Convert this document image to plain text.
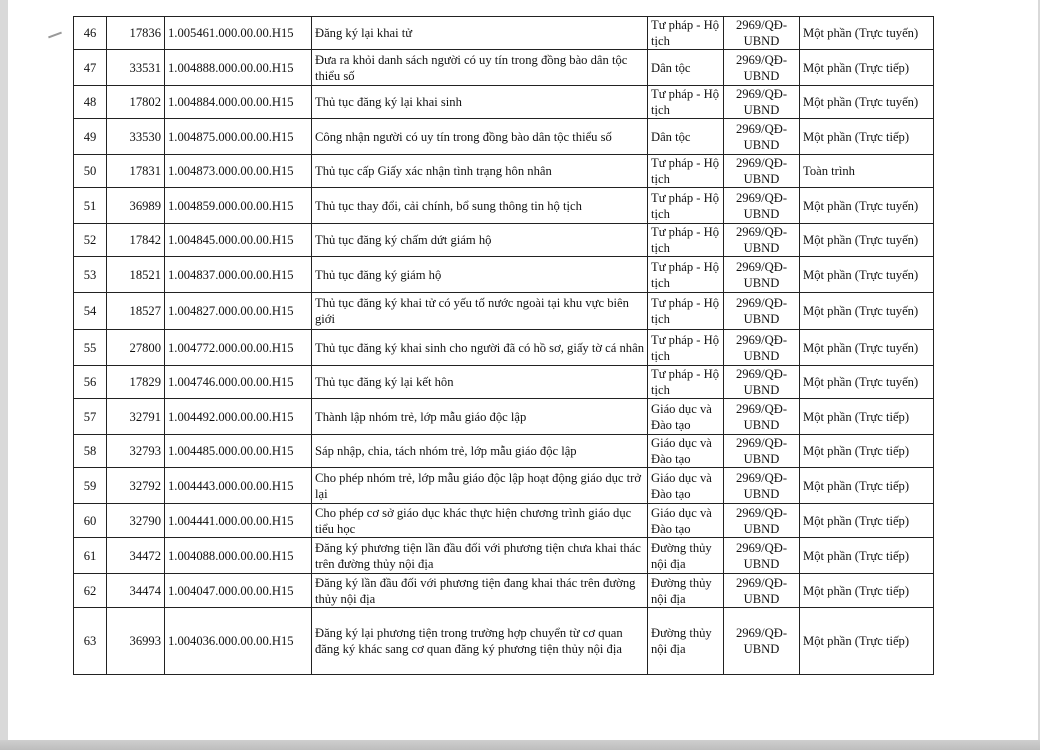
46	17836	1.005461.000.00.00.H15	Đăng ký lại khai tử	Tư pháp - Hộ tịch	2969/QĐ-UBND	Một phần (Trực tuyến)
47	33531	1.004888.000.00.00.H15	Đưa ra khỏi danh sách người có uy tín trong đồng bào dân tộc thiểu số	Dân tộc	2969/QĐ-UBND	Một phần (Trực tiếp)
48	17802	1.004884.000.00.00.H15	Thủ tục đăng ký lại khai sinh	Tư pháp - Hộ tịch	2969/QĐ-UBND	Một phần (Trực tuyến)
49	33530	1.004875.000.00.00.H15	Công nhận người có uy tín trong đồng bào dân tộc thiểu số	Dân tộc	2969/QĐ-UBND	Một phần (Trực tiếp)
50	17831	1.004873.000.00.00.H15	Thủ tục cấp Giấy xác nhận tình trạng hôn nhân	Tư pháp - Hộ tịch	2969/QĐ-UBND	Toàn trình
51	36989	1.004859.000.00.00.H15	Thủ tục thay đổi, cải chính, bổ sung thông tin hộ tịch	Tư pháp - Hộ tịch	2969/QĐ-UBND	Một phần (Trực tuyến)
52	17842	1.004845.000.00.00.H15	Thủ tục đăng ký chấm dứt giám hộ	Tư pháp - Hộ tịch	2969/QĐ-UBND	Một phần (Trực tuyến)
53	18521	1.004837.000.00.00.H15	Thủ tục đăng ký giám hộ	Tư pháp - Hộ tịch	2969/QĐ-UBND	Một phần (Trực tuyến)
54	18527	1.004827.000.00.00.H15	Thủ tục đăng ký khai tử có yếu tố nước ngoài tại khu vực biên giới	Tư pháp - Hộ tịch	2969/QĐ-UBND	Một phần (Trực tuyến)
55	27800	1.004772.000.00.00.H15	Thủ tục đăng ký khai sinh cho người đã có hồ sơ, giấy tờ cá nhân	Tư pháp - Hộ tịch	2969/QĐ-UBND	Một phần (Trực tuyến)
56	17829	1.004746.000.00.00.H15	Thủ tục đăng ký lại kết hôn	Tư pháp - Hộ tịch	2969/QĐ-UBND	Một phần (Trực tuyến)
57	32791	1.004492.000.00.00.H15	Thành lập nhóm trẻ, lớp mẫu giáo độc lập	Giáo dục và Đào tạo	2969/QĐ-UBND	Một phần (Trực tiếp)
58	32793	1.004485.000.00.00.H15	Sáp nhập, chia, tách nhóm trẻ, lớp mẫu giáo độc lập	Giáo dục và Đào tạo	2969/QĐ-UBND	Một phần (Trực tiếp)
59	32792	1.004443.000.00.00.H15	Cho phép nhóm trẻ, lớp mẫu giáo độc lập hoạt động giáo dục trở lại	Giáo dục và Đào tạo	2969/QĐ-UBND	Một phần (Trực tiếp)
60	32790	1.004441.000.00.00.H15	Cho phép cơ sở giáo dục khác thực hiện chương trình giáo dục tiểu học	Giáo dục và Đào tạo	2969/QĐ-UBND	Một phần (Trực tiếp)
61	34472	1.004088.000.00.00.H15	Đăng ký phương tiện lần đầu đối với phương tiện chưa khai thác trên đường thủy nội địa	Đường thủy nội địa	2969/QĐ-UBND	Một phần (Trực tiếp)
62	34474	1.004047.000.00.00.H15	Đăng ký lần đầu đối với phương tiện đang khai thác trên đường thủy nội địa	Đường thủy nội địa	2969/QĐ-UBND	Một phần (Trực tiếp)
63	36993	1.004036.000.00.00.H15	Đăng ký lại phương tiện trong trường hợp chuyển từ cơ quan đăng ký khác sang cơ quan đăng ký phương tiện thủy nội địa	Đường thủy nội địa	2969/QĐ-UBND	Một phần (Trực tiếp)
